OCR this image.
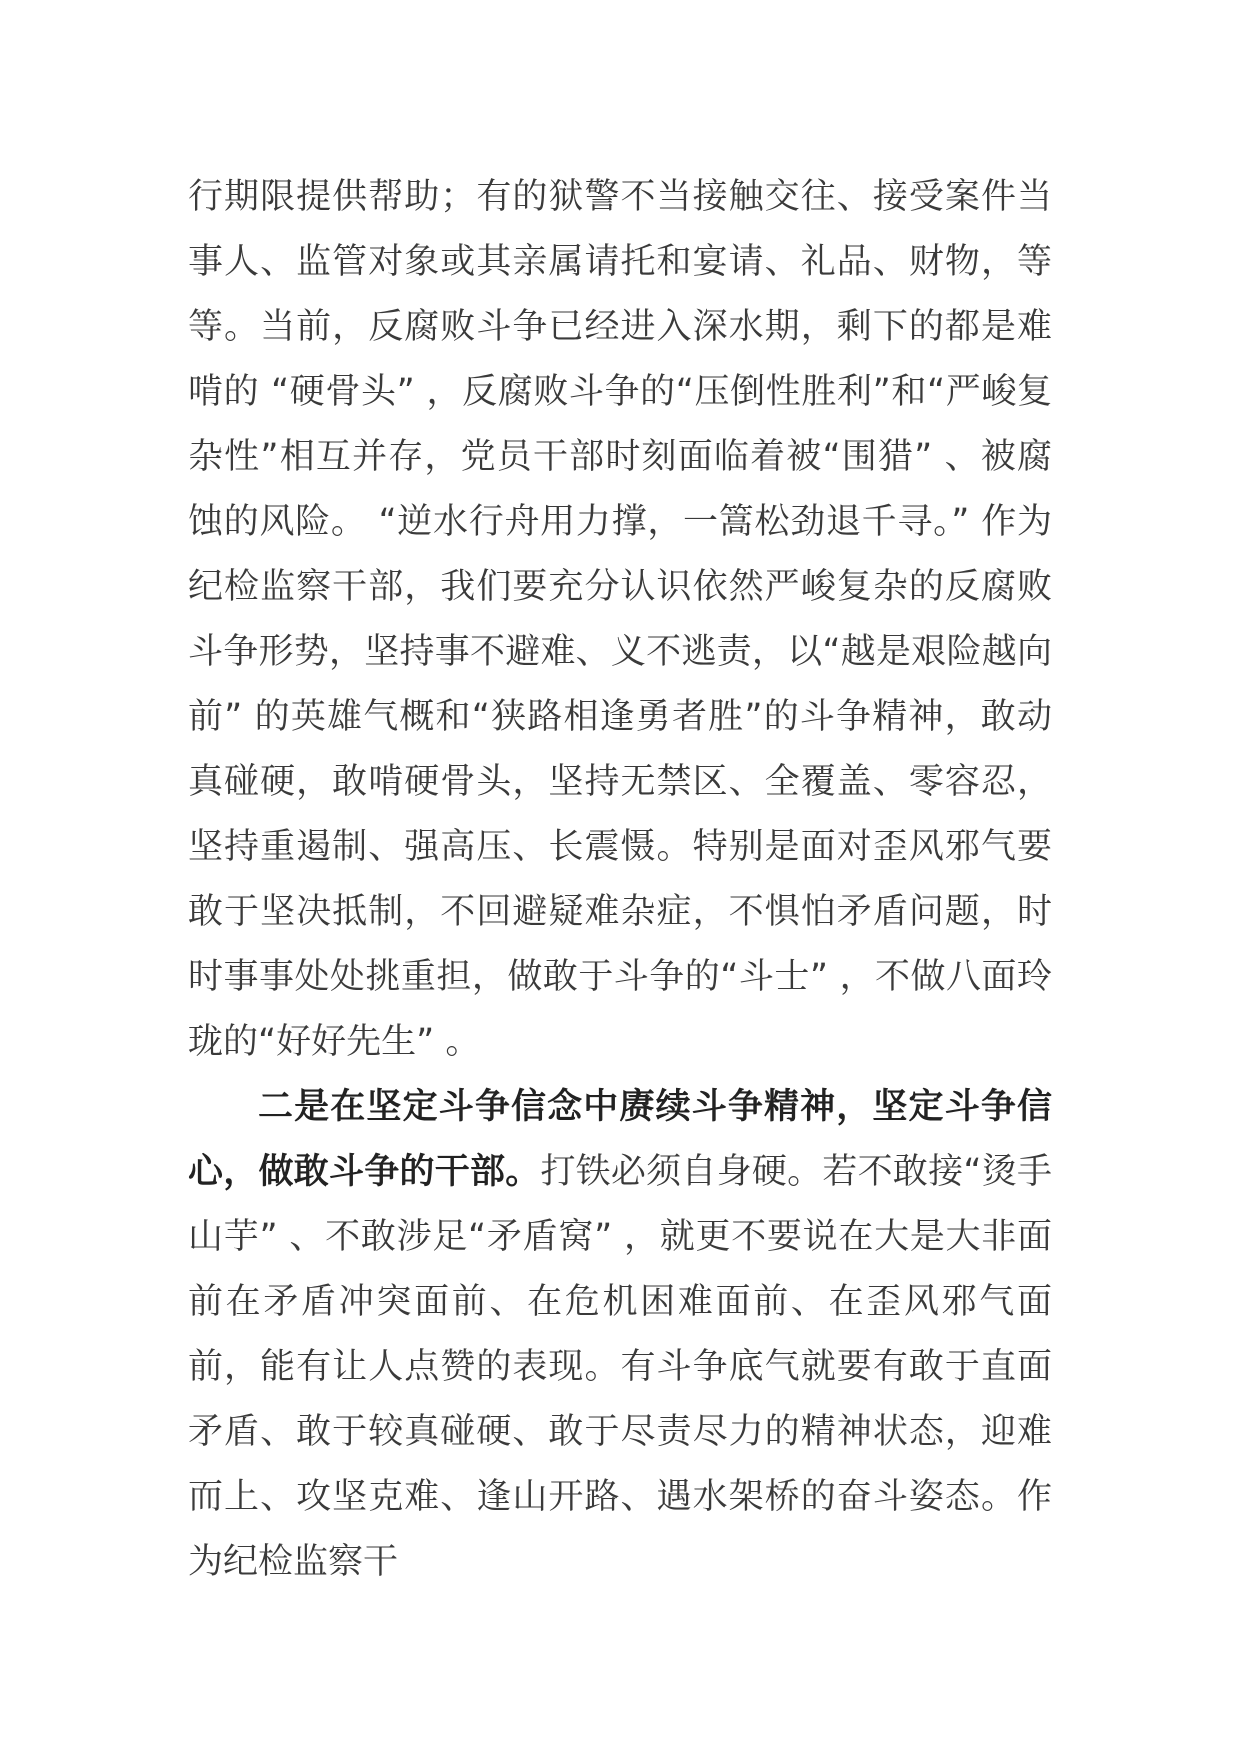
行期限提供帮助；有的狱警不当接触交往、接受案件当事人、监管对象或其亲属请托和宴请、礼品、财物，等等。当前，反腐败斗争已经进入深水期，剩下的都是难啃的 “硬骨头” ，反腐败斗争的“压倒性胜利”和“严峻复杂性”相互并存，党员干部时刻面临着被“围猎” 、被腐蚀的风险。 “逆水行舟用力撑，一篙松劲退千寻。” 作为纪检监察干部，我们要充分认识依然严峻复杂的反腐败斗争形势，坚持事不避难、义不逃责，以“越是艰险越向前” 的英雄气概和“狭路相逢勇者胜”的斗争精神，敢动真碰硬，敢啃硬骨头，坚持无禁区、全覆盖、零容忍，坚持重遏制、强高压、长震慑。特别是面对歪风邪气要敢于坚决抵制，不回避疑难杂症，不惧怕矛盾问题，时时事事处处挑重担，做敢于斗争的“斗士” ，不做八面玲珑的“好好先生” 。

二是在坚定斗争信念中赓续斗争精神，坚定斗争信心，做敢斗争的干部。打铁必须自身硬。若不敢接“烫手山芋” 、不敢涉足“矛盾窝” ，就更不要说在大是大非面前在矛盾冲突面前、在危机困难面前、在歪风邪气面前，能有让人点赞的表现。有斗争底气就要有敢于直面矛盾、敢于较真碰硬、敢于尽责尽力的精神状态，迎难而上、攻坚克难、逢山开路、遇水架桥的奋斗姿态。作为纪检监察干
